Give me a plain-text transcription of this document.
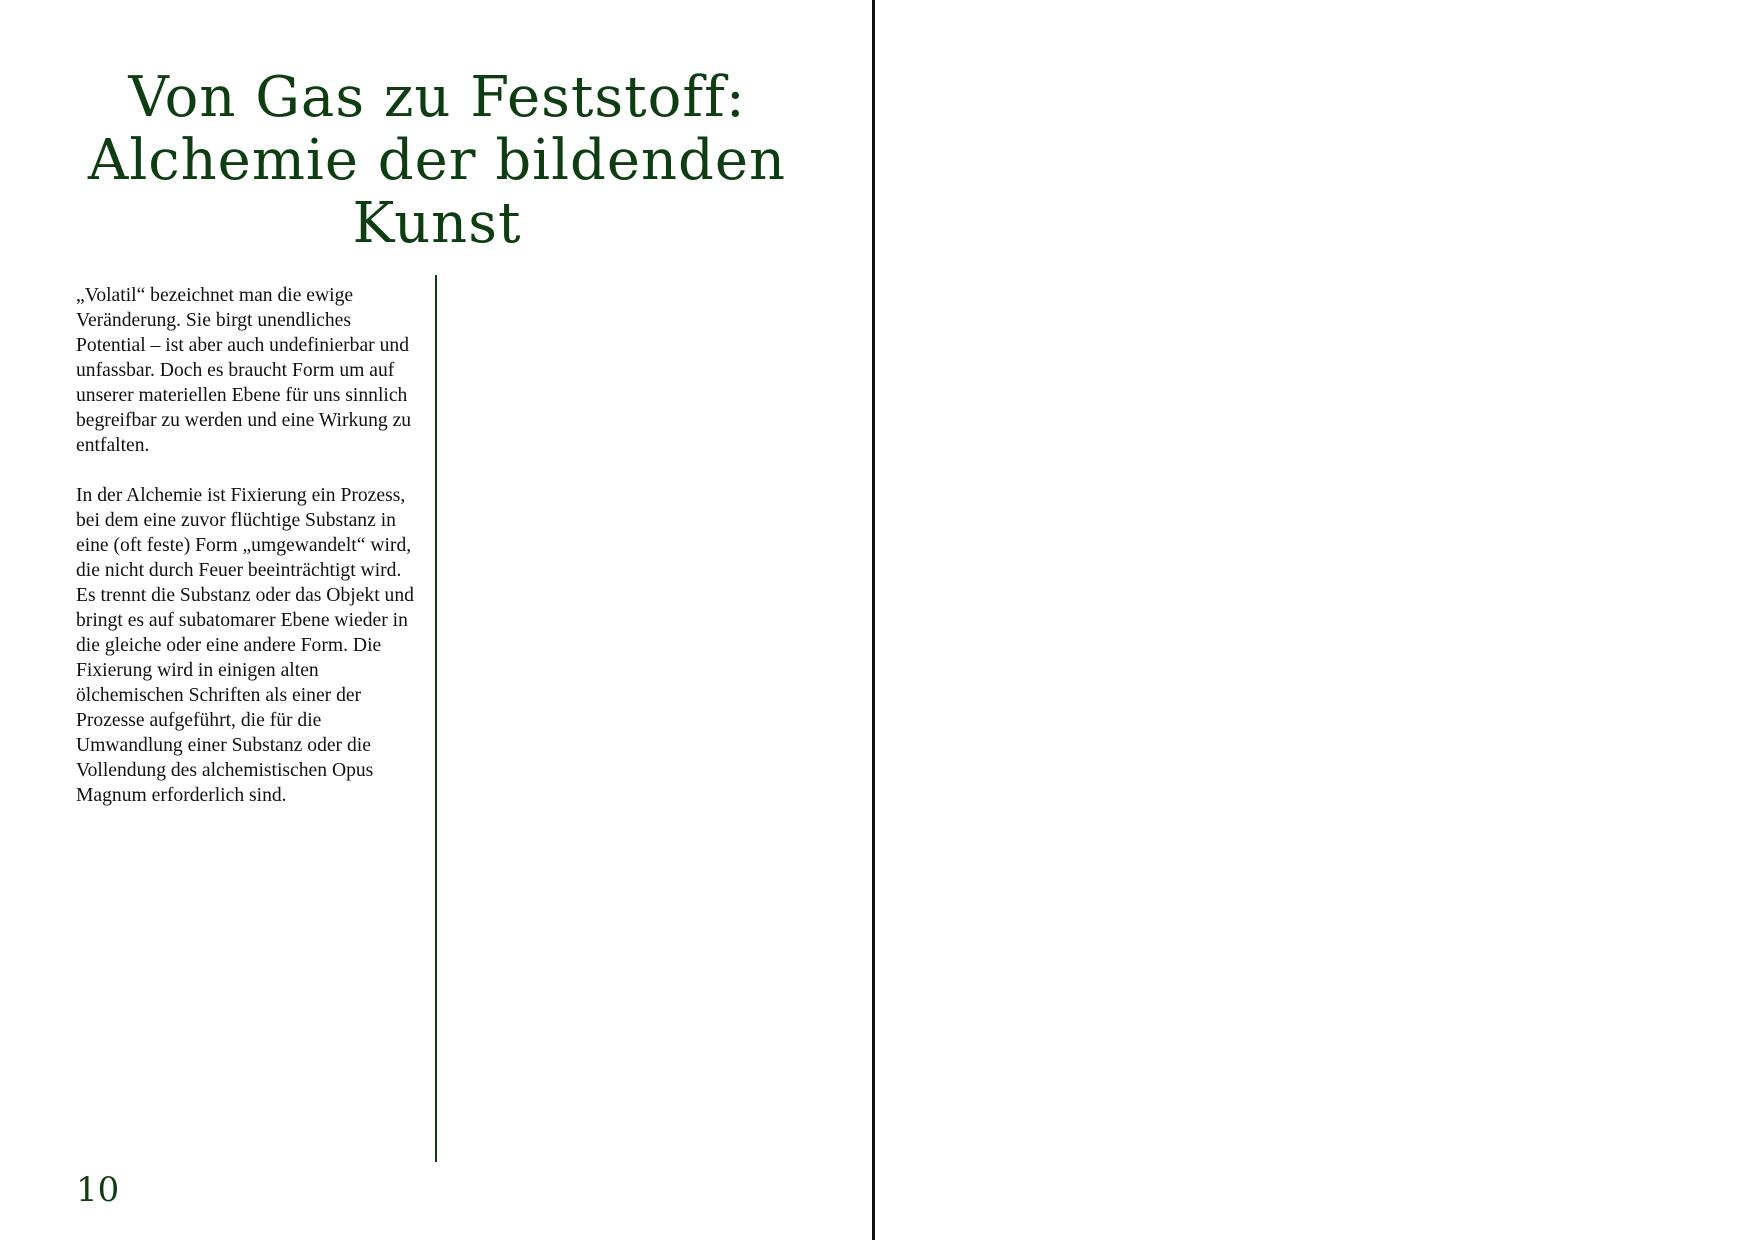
Von Gas zu Feststoff: Alchemie der bildenden Kunst

„Volatil“ bezeichnet man die ewige Veränderung. Sie birgt unendliches Potential – ist aber auch undefinierbar und unfassbar. Doch es braucht Form um auf unserer materiellen Ebene für uns sinnlich begreifbar zu werden und eine Wirkung zu entfalten.

In der Alchemie ist Fixierung ein Prozess, bei dem eine zuvor flüchtige Substanz in eine (oft feste) Form „umgewandelt“ wird, die nicht durch Feuer beeinträchtigt wird. Es trennt die Substanz oder das Objekt und bringt es auf subatomarer Ebene wieder in die gleiche oder eine andere Form. Die Fixierung wird in einigen alten ölchemischen Schriften als einer der Prozesse aufgeführt, die für die Umwandlung einer Substanz oder die Vollendung des alchemistischen Opus Magnum erforderlich sind.

10
